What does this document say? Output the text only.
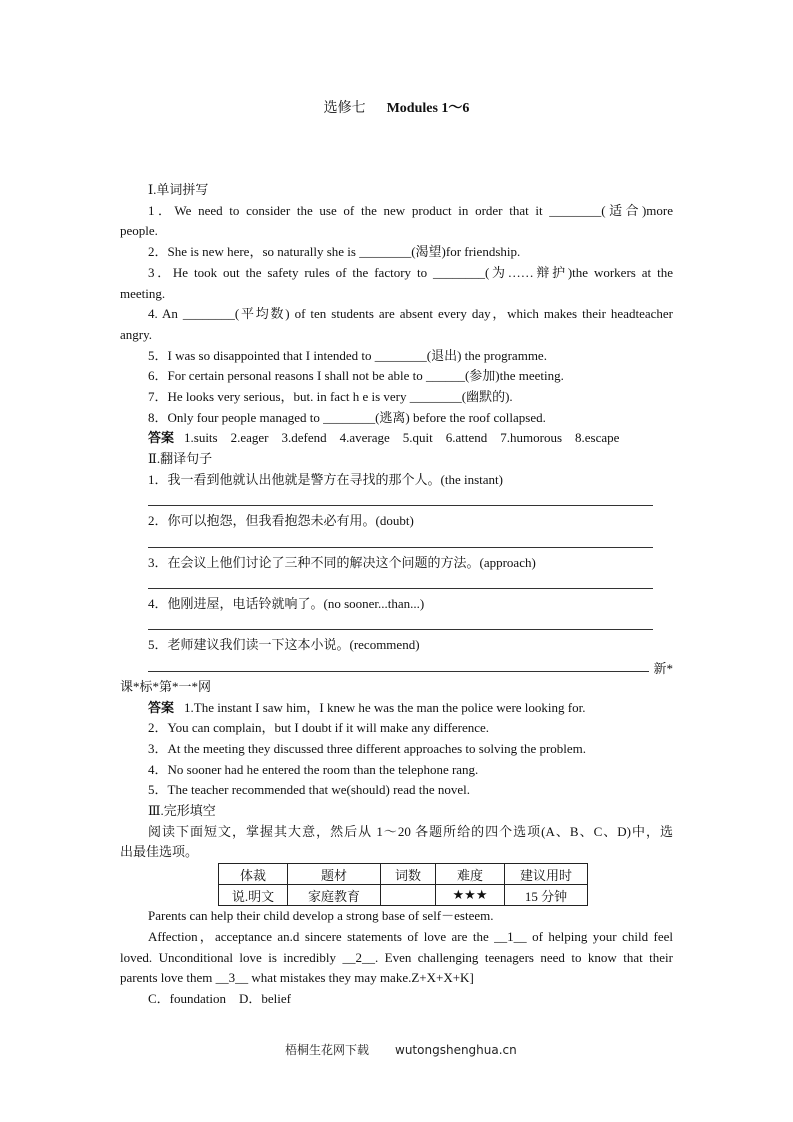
选修七 Modules 1～6
Ⅰ.单词拼写
1．We need to consider the use of the new product in order that it ________(适合)more
people.
2．She is new here，so naturally she is ________(渴望)for friendship.
3．He took out the safety rules of the factory to ________(为……辩护)the workers at the
meeting.
4. An ________(平均数) of ten students are absent every day，which makes their headteacher
angry.
5．I was so disappointed that I intended to ________(退出) the programme.
6．For certain personal reasons I shall not be able to ______(参加)the meeting.
7．He looks very serious，but. in fact h e is very ________(幽默的).
8．Only four people managed to ________(逃离) before the roof collapsed.
答案 1.suits　2.eager　3.defend　4.average　5.quit　6.attend　7.humorous　8.escape
Ⅱ.翻译句子
1．我一看到他就认出他就是警方在寻找的那个人。(the instant)
2．你可以抱怨，但我看抱怨未必有用。(doubt)
3．在会议上他们讨论了三种不同的解决这个问题的方法。(approach)
4．他刚进屋，电话铃就响了。(no sooner...than...)
5．老师建议我们读一下这本小说。(recommend)
新*
课*标*第*一*网
答案 1.The instant I saw him，I knew he was the man the police were looking for.
2．You can complain，but I doubt if it will make any difference.
3．At the meeting they discussed three different approaches to solving the problem.
4．No sooner had he entered the room than the telephone rang.
5．The teacher recommended that we(should) read the novel.
Ⅲ.完形填空
阅读下面短文，掌握其大意，然后从 1～20 各题所给的四个选项(A、B、C、D)中，选
出最佳选项。
体裁	题材	词数	难度	建议用时
说.明文	家庭教育		★★★	15 分钟
Parents can help their child develop a strong base of self－esteem.
Affection，acceptance an.d sincere statements of love are the __1__ of helping your child feel
loved. Unconditional love is incredibly __2__. Even challenging teenagers need to know that their
parents love them __3__ what mistakes they may make.Z+X+X+K]
C．foundation　D．belief
梧桐生花网下载 wutongshenghua.cn
